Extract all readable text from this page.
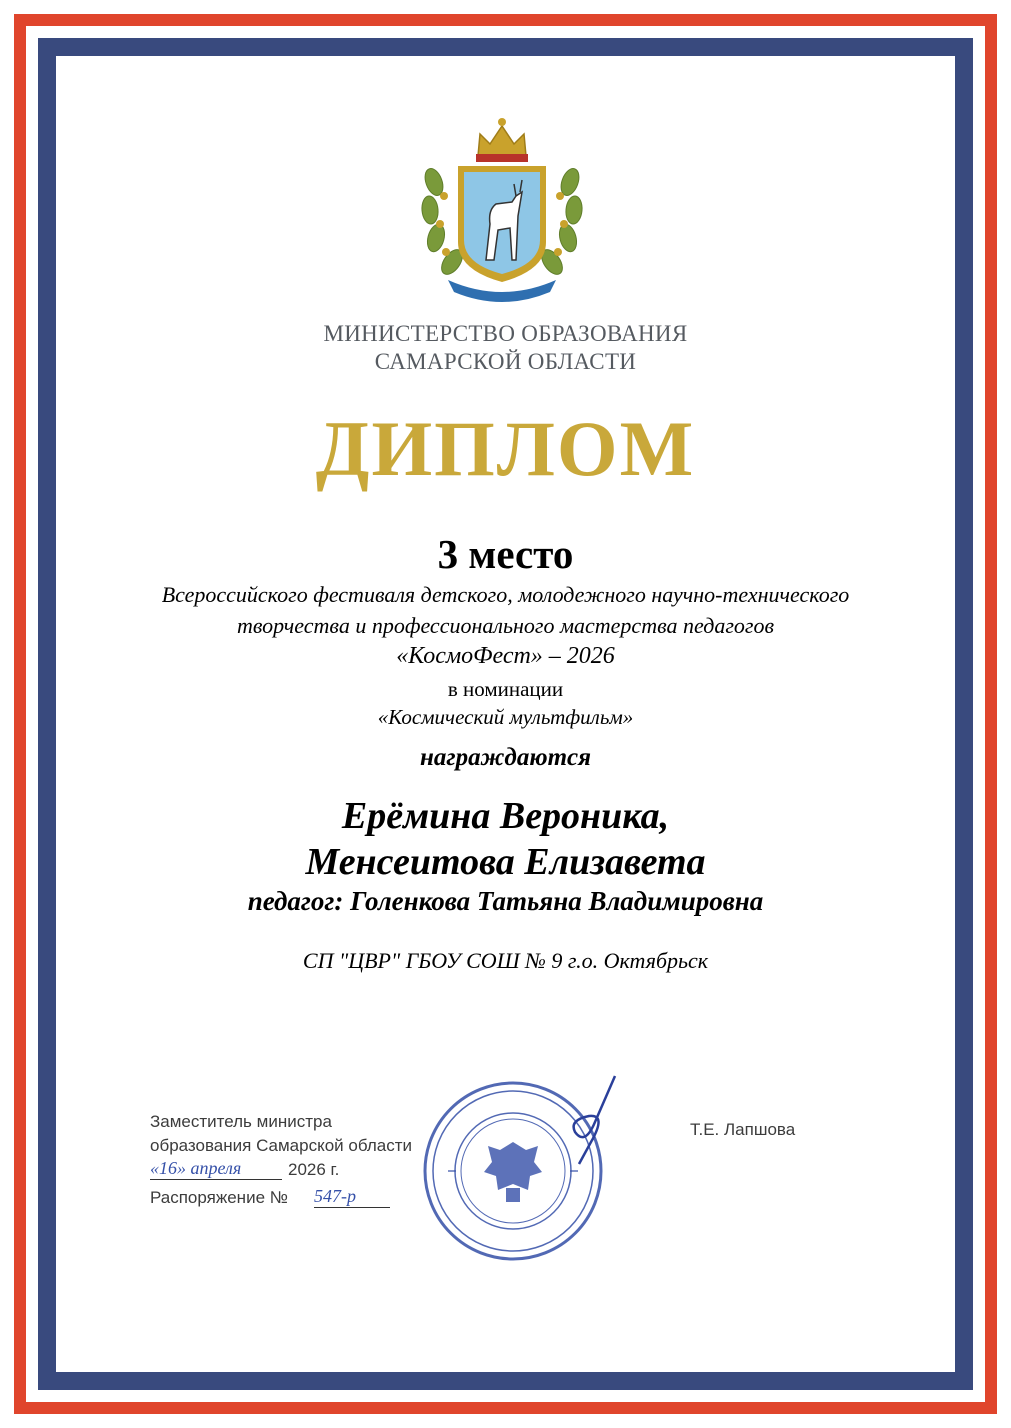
МИНИСТЕРСТВО ОБРАЗОВАНИЯ
САМАРСКОЙ ОБЛАСТИ
ДИПЛОМ
3 место
Всероссийского фестиваля детского, молодежного научно-технического
творчества и профессионального мастерства педагогов
«КосмоФест» – 2026
в номинации
«Космический мультфильм»
награждаются
Ерёмина Вероника,
Менсеитова Елизавета
педагог: Голенкова Татьяна Владимировна
СП "ЦВР" ГБОУ СОШ № 9 г.о. Октябрьск
Заместитель министра
образования Самарской области
«16» апреля	2026 г.
Распоряжение № 547-р
Т.Е. Лапшова
